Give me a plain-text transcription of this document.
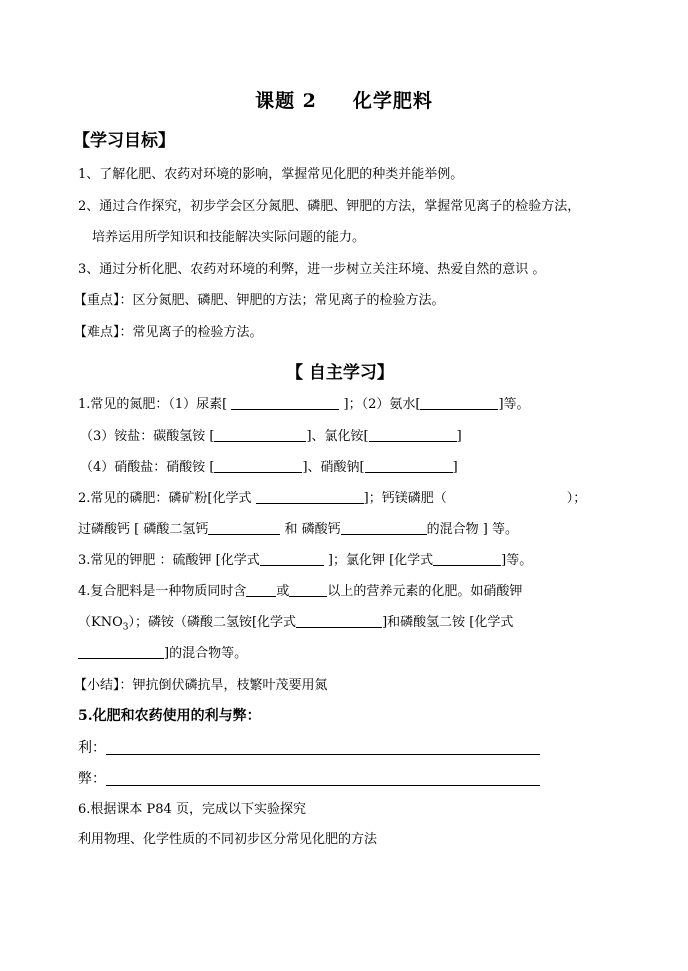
课题 2 化学肥料
【学习目标】
1、了解化肥、农药对环境的影响，掌握常见化肥的种类并能举例。
2、通过合作探究，初步学会区分氮肥、磷肥、钾肥的方法，掌握常见离子的检验方法，
培养运用所学知识和技能解决实际问题的能力。
3、通过分析化肥、农药对环境的利弊，进一步树立关注环境、热爱自然的意识 。
【重点】：区分氮肥、磷肥、钾肥的方法；常见离子的检验方法。
【难点】：常见离子的检验方法。
【 自主学习】
1.常见的氮肥：（1）尿素[	]；（2）氨水[	]等。
（3）铵盐：碳酸氢铵 [	]、氯化铵[	]
（4）硝酸盐：硝酸铵 [	]、硝酸钠[	]
2.常见的磷肥：磷矿粉[化学式	]；钙镁磷肥（	）；
过磷酸钙 [ 磷酸二氢钙	和 磷酸钙	的混合物 ] 等。
3.常见的钾肥 ：硫酸钾 [化学式	]；氯化钾 [化学式	]等。
4.复合肥料是一种物质同时含 或	以上的营养元素的化肥。如硝酸钾
$(KNO_3)$；磷铵（磷酸二氢铵[化学式	]和磷酸氢二铵 [化学式
]的混合物等。
【小结】：钾抗倒伏磷抗旱，枝繁叶茂要用氮
5.化肥和农药使用的利与弊：
利：
弊：
6.根据课本 P84 页，完成以下实验探究
利用物理、化学性质的不同初步区分常见化肥的方法
